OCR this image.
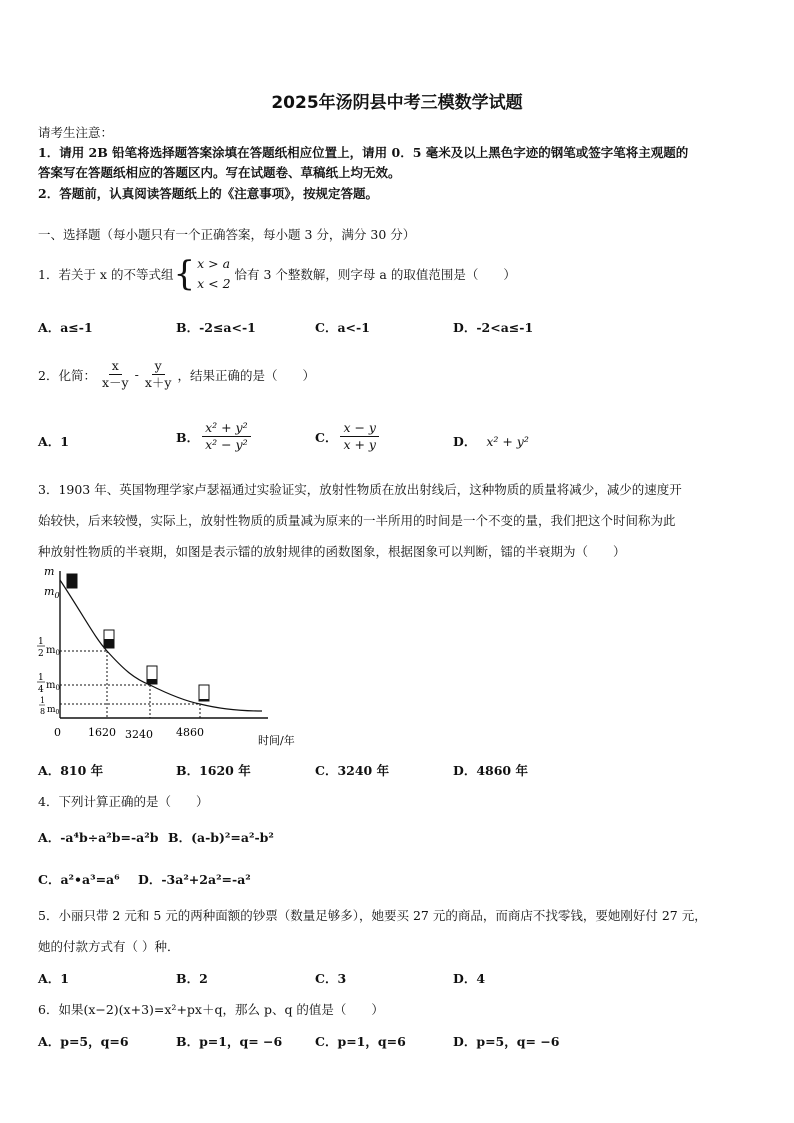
2025年汤阴县中考三模数学试题
请考生注意：
1．请用 2B 铅笔将选择题答案涂填在答题纸相应位置上，请用 0．5 毫米及以上黑色字迹的钢笔或签字笔将主观题的
答案写在答题纸相应的答题区内。写在试题卷、草稿纸上均无效。
2．答题前，认真阅读答题纸上的《注意事项》，按规定答题。
一、选择题（每小题只有一个正确答案，每小题 3 分，满分 30 分）
1．若关于 x 的不等式组 { x > a
x < 2
恰有 3 个整数解，则字母 a 的取值范围是（　　）
A．a≤-1	B．-2≤a<-1	C．a<-1	D．-2<a≤-1
2．化简： $\frac{x}{x-y} - \frac{y}{x+y}$ ，结果正确的是（　　）
A．1	B． $\frac{\text{x² + y²}}{\text{x² − y²}}$	C． $\frac{x - y}{x + y}$	D． x² + y²
3．1903 年、英国物理学家卢瑟福通过实验证实，放射性物质在放出射线后，这种物质的质量将减少，减少的速度开
始较快，后来较慢，实际上，放射性物质的质量减为原来的一半所用的时间是一个不变的量，我们把这个时间称为此
种放射性物质的半衰期，如图是表示镭的放射规律的函数图象，根据图象可以判断，镭的半衰期为（　　）
m
时间/年
0 1620 3240 4860
$m_0$
1
2 $m_0$
1
4 $m_0$
1
8 $m_0$
A．810 年	B．1620 年	C．3240 年	D．4860 年
4．下列计算正确的是（　　）
A．-a⁴b÷a²b=-a²b B．(a-b)²=a²-b²
C．a²•a³=a⁶ D．-3a²+2a²=-a²
5．小丽只带 2 元和 5 元的两种面额的钞票（数量足够多），她要买 27 元的商品，而商店不找零钱，要她刚好付 27 元，
她的付款方式有（ ）种．
A．1	B．2	C．3	D．4
6．如果(x−2)(x+3)=x²+px＋q，那么 p、q 的值是（　　）
A．p=5，q=6	B．p=1，q= −6	C．p=1，q=6	D．p=5，q= −6
